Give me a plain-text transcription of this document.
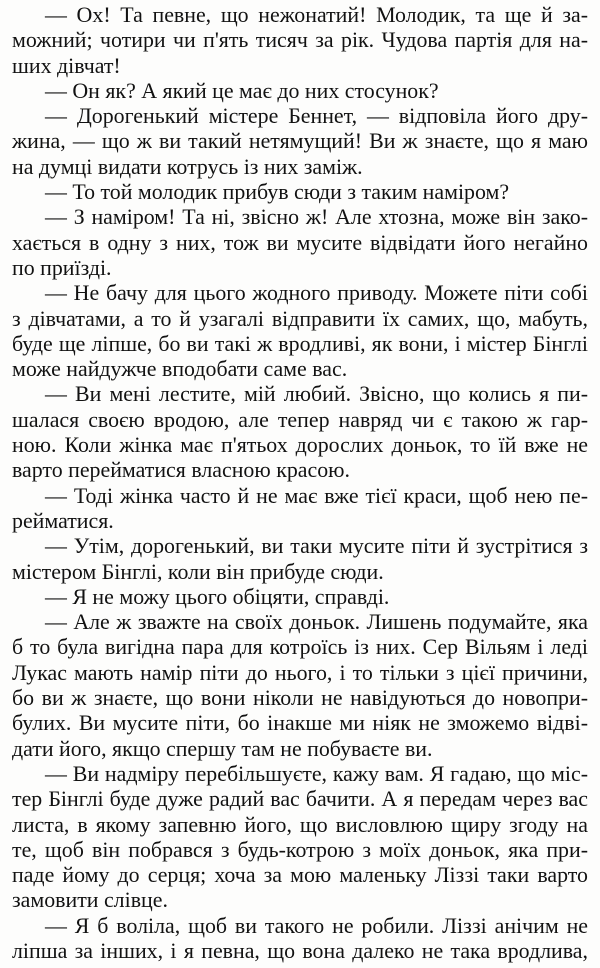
— Ох! Та певне, що нежонатий! Молодик, та ще й за-
можний; чотири чи п'ять тисяч за рік. Чудова партія для на-
ших дівчат!
— Он як? А який це має до них стосунок?
— Дорогенький містере Беннет, — відповіла його дру-
жина, — що ж ви такий нетямущий! Ви ж знаєте, що я маю
на думці видати котрусь із них заміж.
— То той молодик прибув сюди з таким наміром?
— З наміром! Та ні, звісно ж! Але хтозна, може він зако-
хається в одну з них, тож ви мусите відвідати його негайно
по приїзді.
— Не бачу для цього жодного приводу. Можете піти собі
з дівчатами, а то й узагалі відправити їх самих, що, мабуть,
буде ще ліпше, бо ви такі ж вродливі, як вони, і містер Бінглі
може найдужче вподобати саме вас.
— Ви мені лестите, мій любий. Звісно, що колись я пи-
шалася своєю вродою, але тепер навряд чи є такою ж гар-
ною. Коли жінка має п'ятьох дорослих доньок, то їй вже не
варто перейматися власною красою.
— Тоді жінка часто й не має вже тієї краси, щоб нею пе-
рейматися.
— Утім, дорогенький, ви таки мусите піти й зустрітися з
містером Бінглі, коли він прибуде сюди.
— Я не можу цього обіцяти, справді.
— Але ж зважте на своїх доньок. Лишень подумайте, яка
б то була вигідна пара для котроїсь із них. Сер Вільям і леді
Лукас мають намір піти до нього, і то тільки з цієї причини,
бо ви ж знаєте, що вони ніколи не навідуються до новопри-
булих. Ви мусите піти, бо інакше ми ніяк не зможемо відві-
дати його, якщо спершу там не побуваєте ви.
— Ви надміру перебільшуєте, кажу вам. Я гадаю, що міс-
тер Бінглі буде дуже радий вас бачити. А я передам через вас
листа, в якому запевню його, що висловлюю щиру згоду на
те, щоб він побрався з будь-котрою з моїх доньок, яка при-
паде йому до серця; хоча за мою маленьку Ліззі таки варто
замовити слівце.
— Я б воліла, щоб ви такого не робили. Ліззі анічим не
ліпша за інших, і я певна, що вона далеко не така вродлива,
